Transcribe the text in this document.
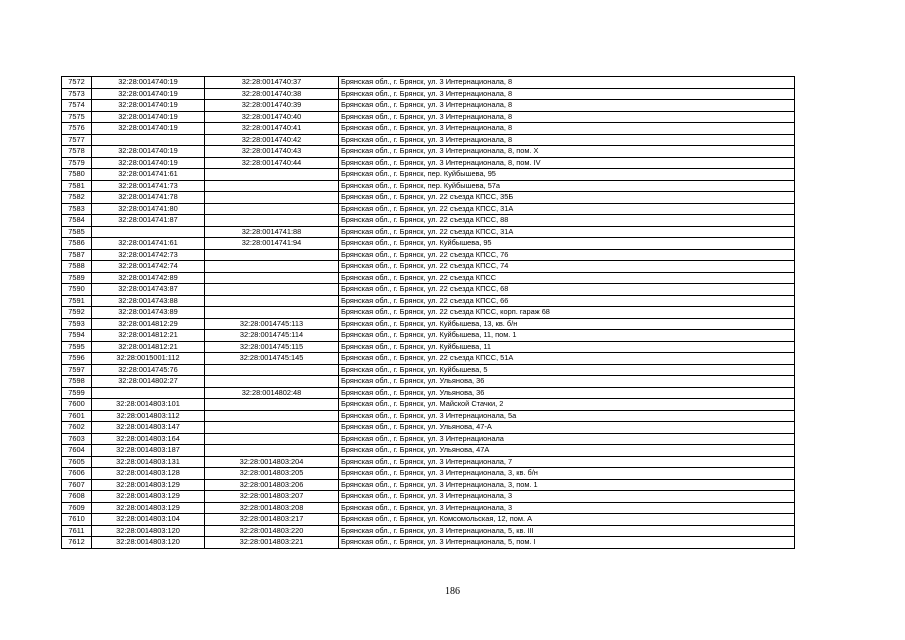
7572	32:28:0014740:19	32:28:0014740:37	Брянская обл., г. Брянск, ул. 3 Интернационала, 8
7573	32:28:0014740:19	32:28:0014740:38	Брянская обл., г. Брянск, ул. 3 Интернационала, 8
7574	32:28:0014740:19	32:28:0014740:39	Брянская обл., г. Брянск, ул. 3 Интернационала, 8
7575	32:28:0014740:19	32:28:0014740:40	Брянская обл., г. Брянск, ул. 3 Интернационала, 8
7576	32:28:0014740:19	32:28:0014740:41	Брянская обл., г. Брянск, ул. 3 Интернационала, 8
7577		32:28:0014740:42	Брянская обл., г. Брянск, ул. 3 Интернационала, 8
7578	32:28:0014740:19	32:28:0014740:43	Брянская обл., г. Брянск, ул. 3 Интернационала, 8, пом. X
7579	32:28:0014740:19	32:28:0014740:44	Брянская обл., г. Брянск, ул. 3 Интернационала, 8, пом. IV
7580	32:28:0014741:61		Брянская обл., г. Брянск, пер. Куйбышева, 95
7581	32:28:0014741:73		Брянская обл., г. Брянск, пер. Куйбышева, 57а
7582	32:28:0014741:78		Брянская обл., г. Брянск, ул. 22 съезда КПСС, 35Б
7583	32:28:0014741:80		Брянская обл., г. Брянск, ул. 22 съезда КПСС, 31А
7584	32:28:0014741:87		Брянская обл., г. Брянск, ул. 22 съезда КПСС, 88
7585		32:28:0014741:88	Брянская обл., г. Брянск, ул. 22 съезда КПСС, 31А
7586	32:28:0014741:61	32:28:0014741:94	Брянская обл., г. Брянск, ул. Куйбышева, 95
7587	32:28:0014742:73		Брянская обл., г. Брянск, ул. 22 съезда КПСС, 76
7588	32:28:0014742:74		Брянская обл., г. Брянск, ул. 22 съезда КПСС, 74
7589	32:28:0014742:89		Брянская обл., г. Брянск, ул. 22 съезда КПСС
7590	32:28:0014743:87		Брянская обл., г. Брянск, ул. 22 съезда КПСС, 68
7591	32:28:0014743:88		Брянская обл., г. Брянск, ул. 22 съезда КПСС, 66
7592	32:28:0014743:89		Брянская обл., г. Брянск, ул. 22 съезда КПСС, корп. гараж 68
7593	32:28:0014812:29	32:28:0014745:113	Брянская обл., г. Брянск, ул. Куйбышева, 13, кв. б/н
7594	32:28:0014812:21	32:28:0014745:114	Брянская обл., г. Брянск, ул. Куйбышева, 11, пом. 1
7595	32:28:0014812:21	32:28:0014745:115	Брянская обл., г. Брянск, ул. Куйбышева, 11
7596	32:28:0015001:112	32:28:0014745:145	Брянская обл., г. Брянск, ул. 22 съезда КПСС, 51А
7597	32:28:0014745:76		Брянская обл., г. Брянск, ул. Куйбышева, 5
7598	32:28:0014802:27		Брянская обл., г. Брянск, ул. Ульянова, 36
7599		32:28:0014802:48	Брянская обл., г. Брянск, ул. Ульянова, 36
7600	32:28:0014803:101		Брянская обл., г. Брянск, ул. Майской Стачки, 2
7601	32:28:0014803:112		Брянская обл., г. Брянск, ул. 3 Интернационала, 5а
7602	32:28:0014803:147		Брянская обл., г. Брянск, ул. Ульянова, 47-А
7603	32:28:0014803:164		Брянская обл., г. Брянск, ул. 3 Интернационала
7604	32:28:0014803:187		Брянская обл., г. Брянск, ул. Ульянова, 47А
7605	32:28:0014803:131	32:28:0014803:204	Брянская обл., г. Брянск, ул. 3 Интернационала, 7
7606	32:28:0014803:128	32:28:0014803:205	Брянская обл., г. Брянск, ул. 3 Интернационала, 3, кв. б/н
7607	32:28:0014803:129	32:28:0014803:206	Брянская обл., г. Брянск, ул. 3 Интернационала, 3, пом. 1
7608	32:28:0014803:129	32:28:0014803:207	Брянская обл., г. Брянск, ул. 3 Интернационала, 3
7609	32:28:0014803:129	32:28:0014803:208	Брянская обл., г. Брянск, ул. 3 Интернационала, 3
7610	32:28:0014803:104	32:28:0014803:217	Брянская обл., г. Брянск, ул. Комсомольская, 12, пом. А
7611	32:28:0014803:120	32:28:0014803:220	Брянская обл., г. Брянск, ул. 3 Интернационала, 5, кв. III
7612	32:28:0014803:120	32:28:0014803:221	Брянская обл., г. Брянск, ул. 3 Интернационала, 5, пом. I
186
